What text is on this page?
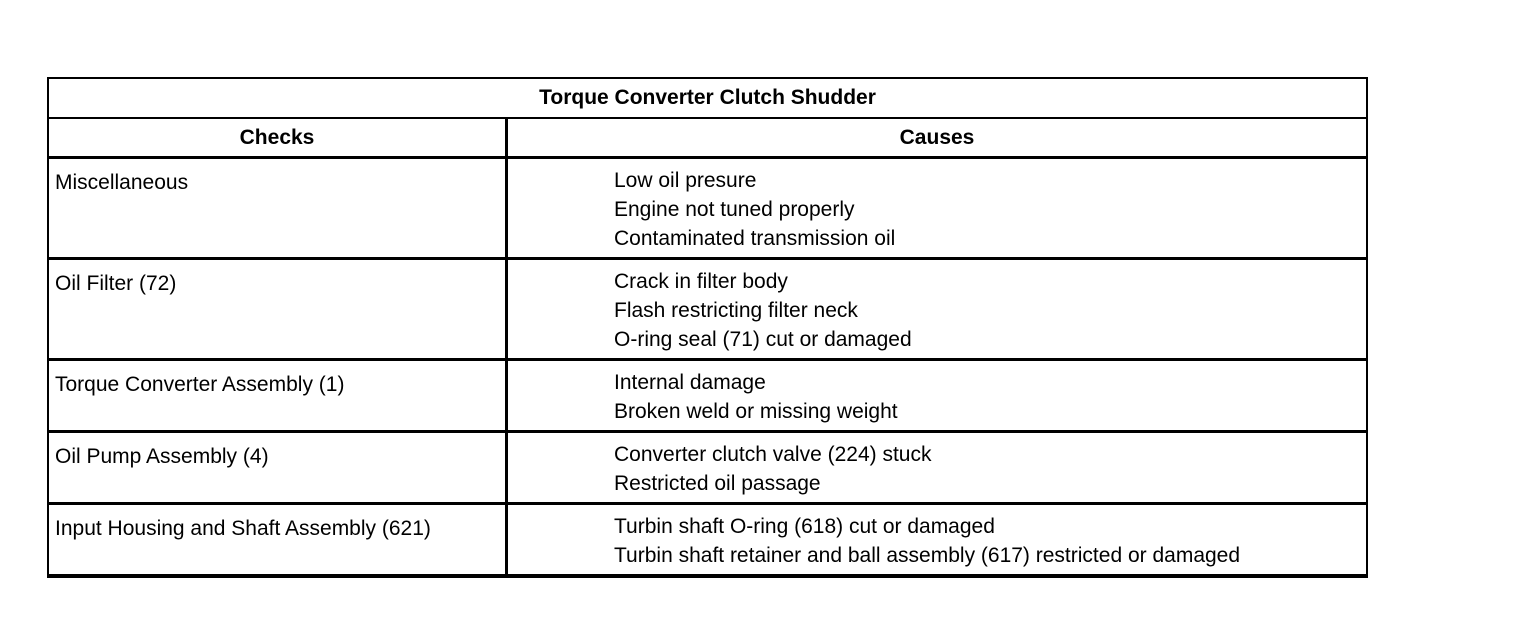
Torque Converter Clutch Shudder
Checks	Causes
Miscellaneous	Low oil presure
Engine not tuned properly
Contaminated transmission oil
Oil Filter (72)	Crack in filter body
Flash restricting filter neck
O-ring seal (71) cut or damaged
Torque Converter Assembly (1)	Internal damage
Broken weld or missing weight
Oil Pump Assembly (4)	Converter clutch valve (224) stuck
Restricted oil passage
Input Housing and Shaft Assembly (621)	Turbin shaft O-ring (618) cut or damaged
Turbin shaft retainer and ball assembly (617) restricted or damaged
